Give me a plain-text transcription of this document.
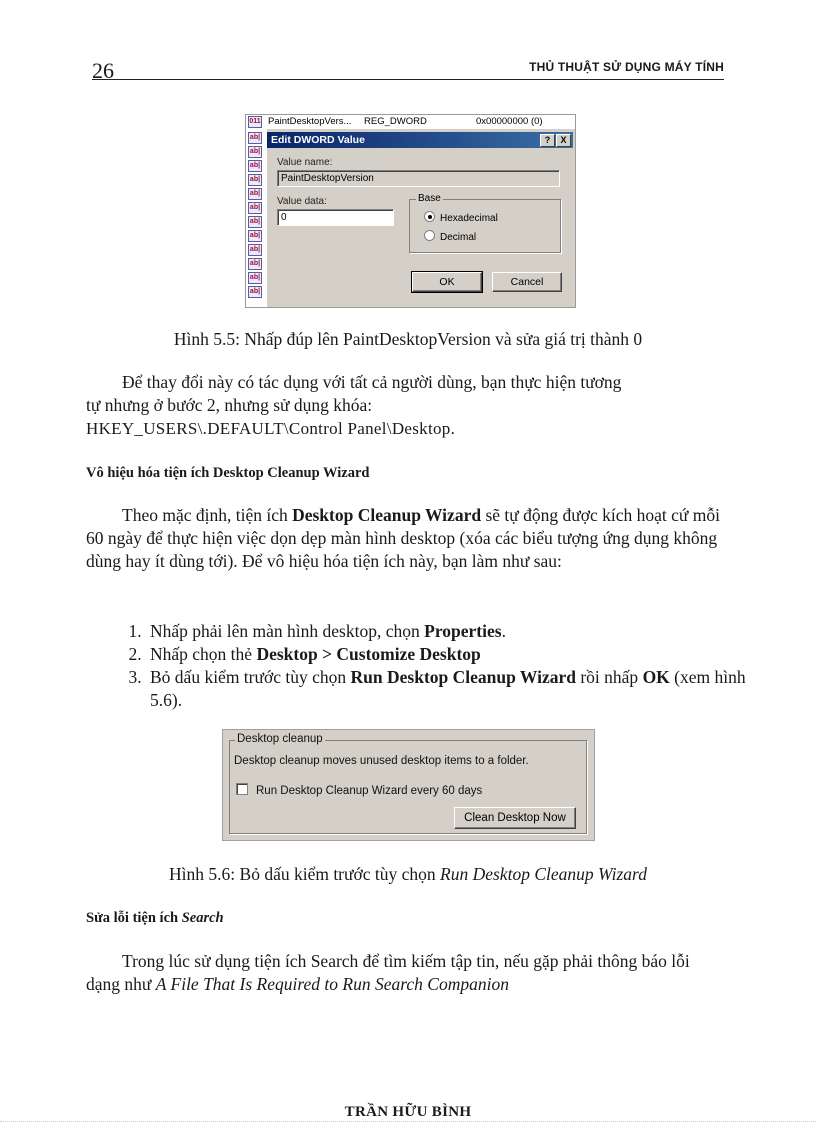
26	THỦ THUẬT SỬ DỤNG MÁY TÍNH
PaintDesktopVers... REG_DWORD	0x00000000 (0)
011
ab|
ab|
ab|
ab|
ab|
ab|
ab|
ab|
ab|
ab|
ab|
ab|
Edit DWORD Value	?	X
Value name:
PaintDesktopVersion
Value data:
0
Base
Hexadecimal
Decimal
OK	Cancel
Hình 5.5: Nhấp đúp lên PaintDesktopVersion và sửa giá trị thành 0
Để thay đổi này có tác dụng với tất cả người dùng, bạn thực hiện tương
tự nhưng ở bước 2, nhưng sử dụng khóa:
HKEY_USERS\.DEFAULT\Control Panel\Desktop.
Vô hiệu hóa tiện ích Desktop Cleanup Wizard
Theo mặc định, tiện ích Desktop Cleanup Wizard sẽ tự động được kích hoạt cứ mỗi 60 ngày để thực hiện việc dọn dẹp màn hình desktop (xóa các biểu tượng ứng dụng không dùng hay ít dùng tới). Để vô hiệu hóa tiện ích này, bạn làm như sau:
1. Nhấp phải lên màn hình desktop, chọn Properties.
2. Nhấp chọn thẻ Desktop > Customize Desktop
3. Bỏ dấu kiểm trước tùy chọn Run Desktop Cleanup Wizard rồi nhấp OK (xem hình 5.6).
Desktop cleanup
Desktop cleanup moves unused desktop items to a folder.
Run Desktop Cleanup Wizard every 60 days
Clean Desktop Now
Hình 5.6: Bỏ dấu kiểm trước tùy chọn Run Desktop Cleanup Wizard
Sửa lỗi tiện ích Search
Trong lúc sử dụng tiện ích Search để tìm kiếm tập tin, nếu gặp phải thông báo lỗi dạng như A File That Is Required to Run Search Companion
TRẦN HỮU BÌNH
